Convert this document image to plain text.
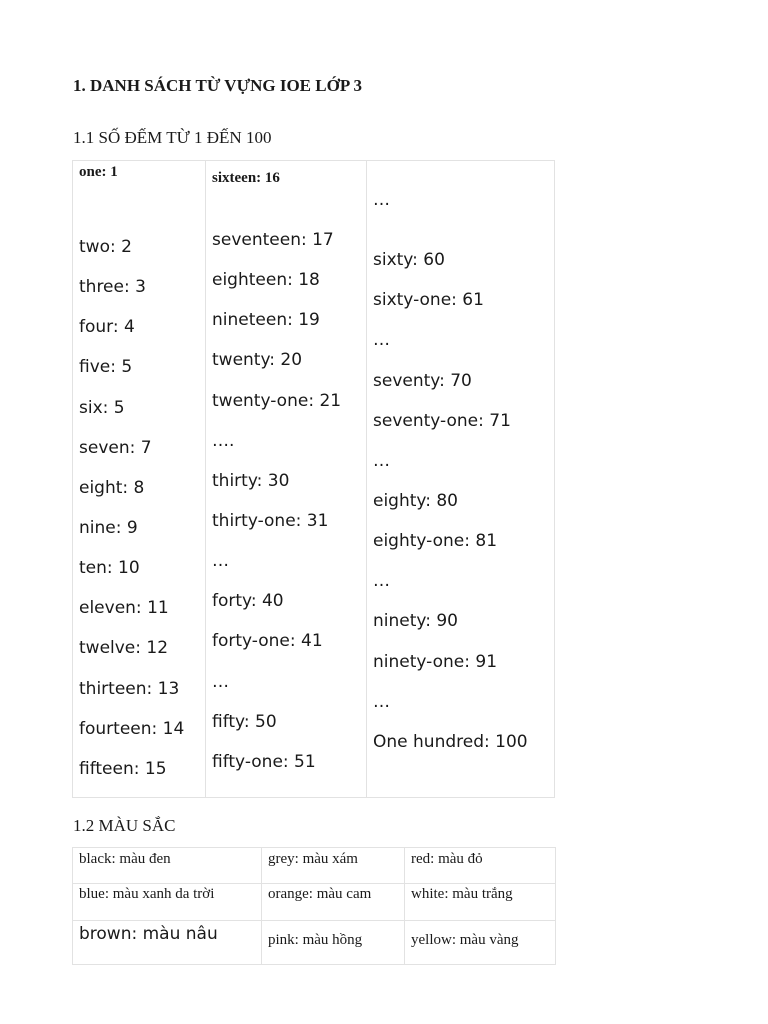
1. DANH SÁCH TỪ VỰNG IOE LỚP 3
1.1 SỐ ĐẾM TỪ 1 ĐẾN 100
one: 1
two: 2
three: 3
four: 4
five: 5
six: 5
seven: 7
eight: 8
nine: 9
ten: 10
eleven: 11
twelve: 12
thirteen: 13
fourteen: 14
fifteen: 15
sixteen: 16
seventeen: 17
eighteen: 18
nineteen: 19
twenty: 20
twenty-one: 21
….
thirty: 30
thirty-one: 31
…
forty: 40
forty-one: 41
…
fifty: 50
fifty-one: 51
…
sixty: 60
sixty-one: 61
…
seventy: 70
seventy-one: 71
…
eighty: 80
eighty-one: 81
…
ninety: 90
ninety-one: 91
…
One hundred: 100
1.2 MÀU SẮC
black: màu đen	grey: màu xám	red: màu đỏ
blue: màu xanh da trời	orange: màu cam	white: màu trắng
brown: màu nâu	pink: màu hồng	yellow: màu vàng
